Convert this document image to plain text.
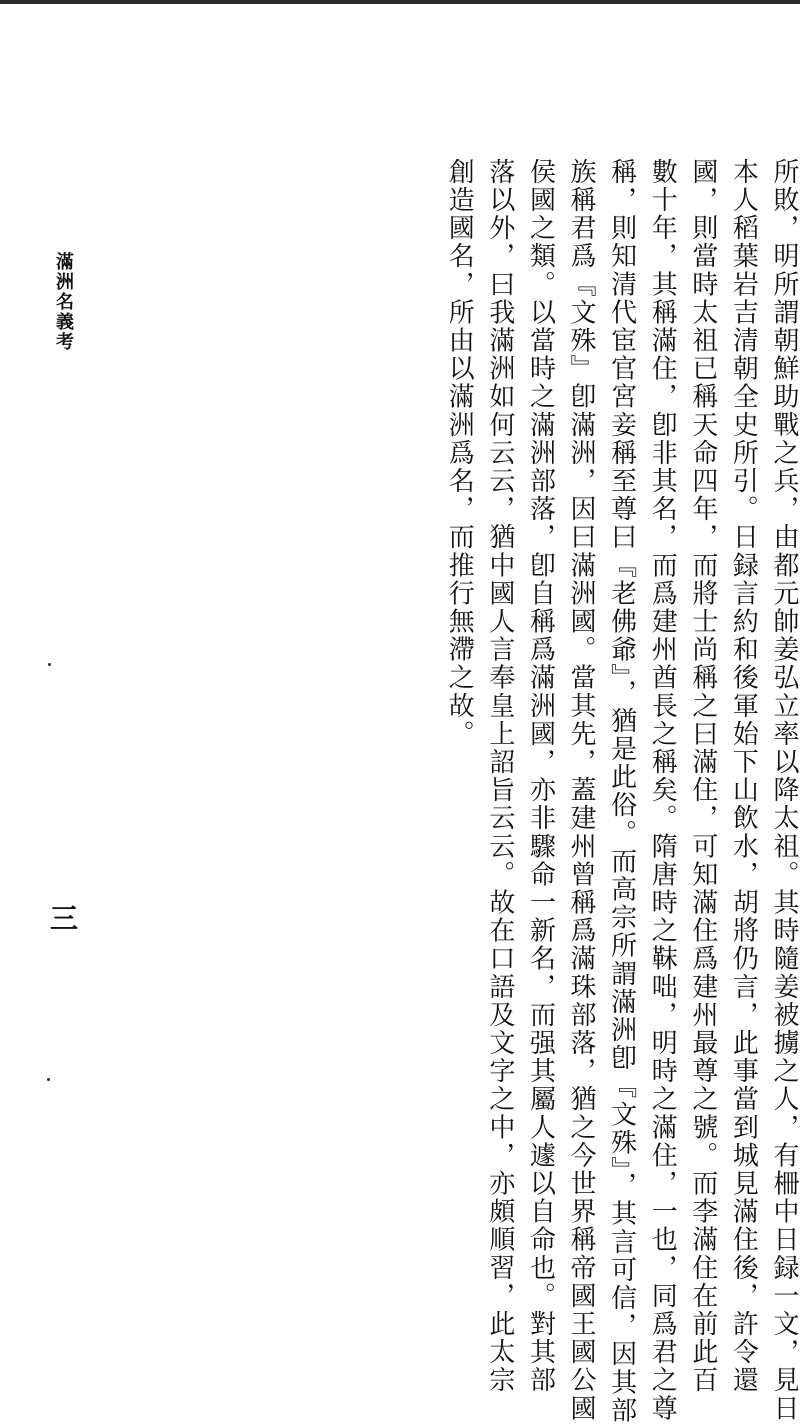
滿洲名義考
三	所敗，明所謂朝鮮助戰之兵，由都元帥姜弘立率以降太祖。其時隨姜被擄之人，有柵中日録一文，見日
本人稻葉岩吉清朝全史所引。日録言約和後軍始下山飲水，胡將仍言，此事當到城見滿住後，許令還
國，則當時太祖已稱天命四年，而將士尚稱之曰滿住，可知滿住爲建州最尊之號。而李滿住在前此百
數十年，其稱滿住，卽非其名，而爲建州酋長之稱矣。隋唐時之靺咄，明時之滿住，一也，同爲君之尊
稱，則知清代宦官宮妾稱至尊曰『老佛爺』，猶是此俗。而高宗所謂滿洲卽『文殊』，其言可信，因其部
族稱君爲『文殊』卽滿洲，因曰滿洲國。當其先，蓋建州曾稱爲滿珠部落，猶之今世界稱帝國王國公國
侯國之類。以當時之滿洲部落，卽自稱爲滿洲國，亦非驟命一新名，而强其屬人遽以自命也。對其部
落以外，曰我滿洲如何云云，猶中國人言奉皇上詔旨云云。故在口語及文字之中，亦頗順習，此太宗
創造國名，所由以滿洲爲名，而推行無滯之故。
